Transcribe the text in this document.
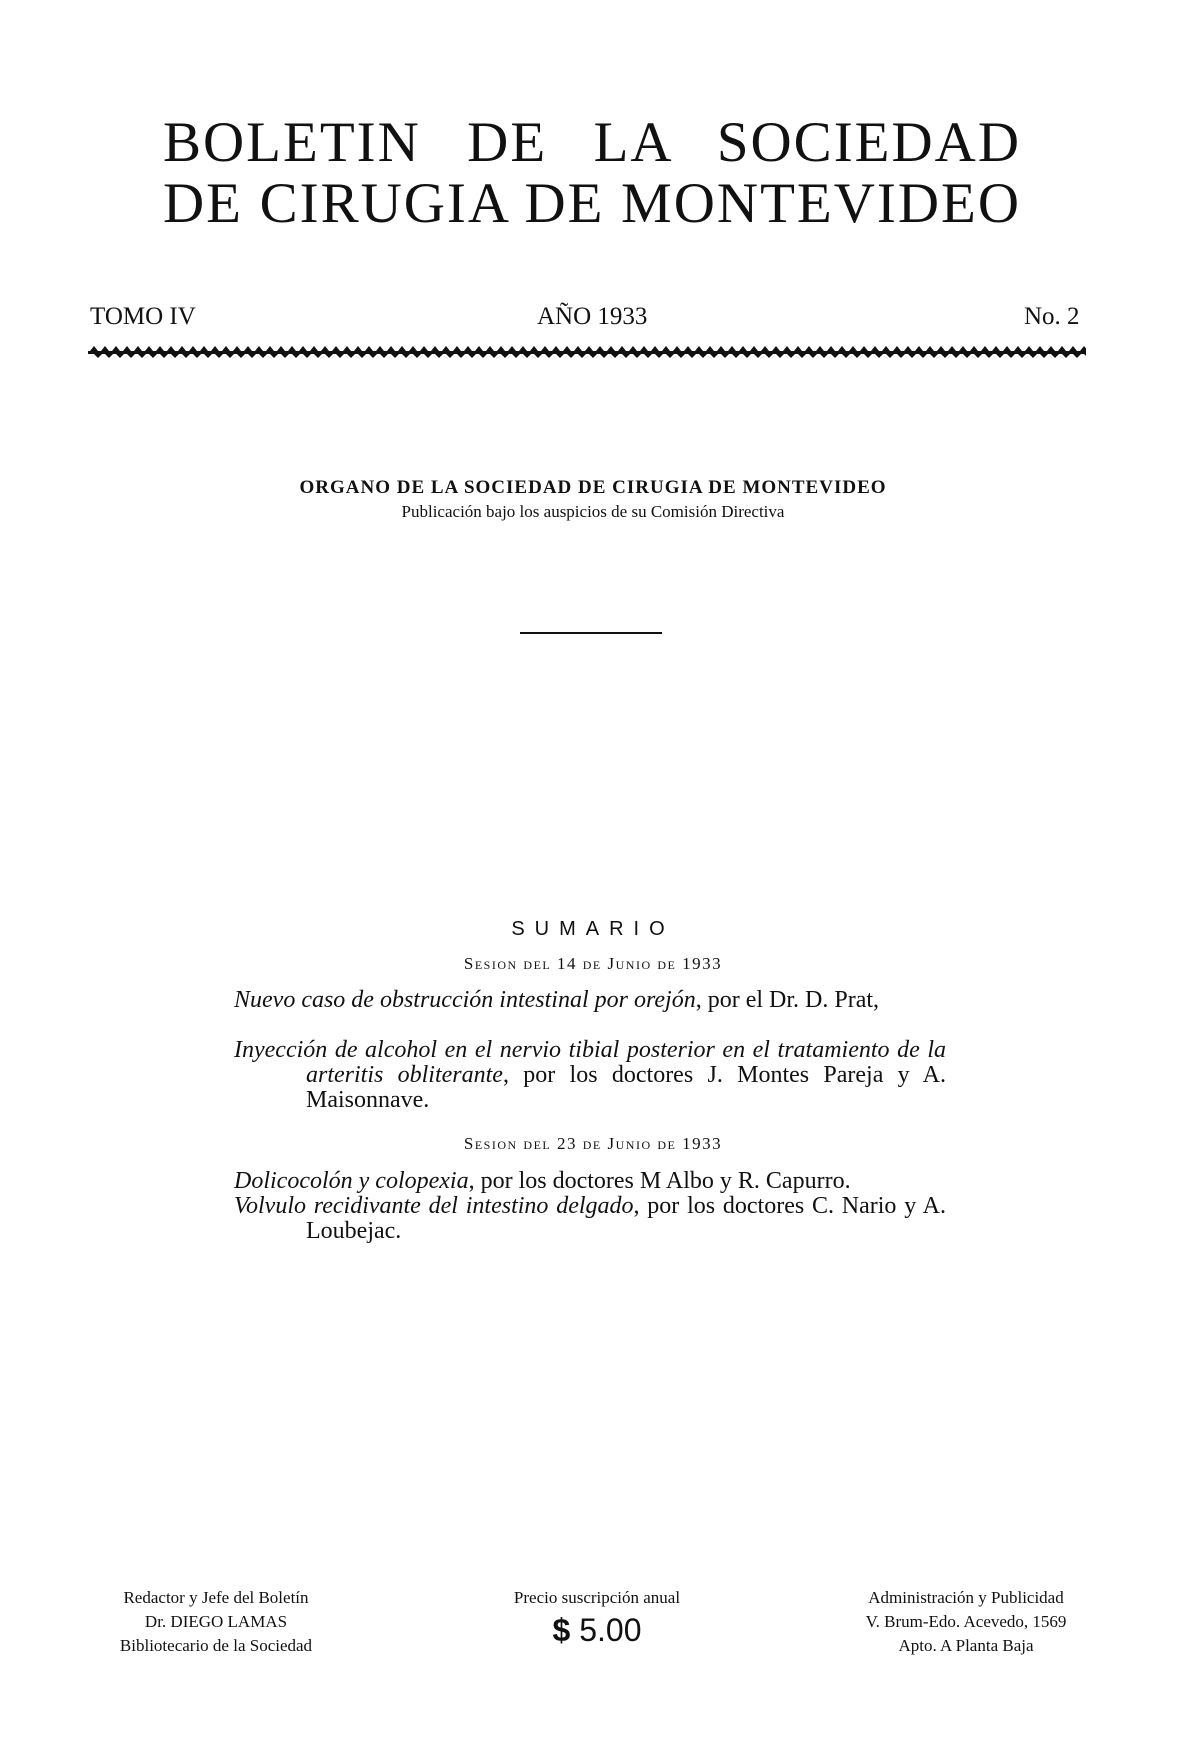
BOLETIN DE LA SOCIEDAD
DE CIRUGIA DE MONTEVIDEO
TOMO IV	AÑO 1933	No. 2
ORGANO DE LA SOCIEDAD DE CIRUGIA DE MONTEVIDEO
Publicación bajo los auspicios de su Comisión Directiva
SUMARIO
Sesion del 14 de Junio de 1933
Nuevo caso de obstrucción intestinal por orejón, por el Dr. D. Prat,
Inyección de alcohol en el nervio tibial posterior en el tratamiento de la arteritis obliterante, por los doctores J. Montes Pareja y A. Maisonnave.
Sesion del 23 de Junio de 1933
Dolicocolón y colopexia, por los doctores M Albo y R. Capurro.
Volvulo recidivante del intestino delgado, por los doctores C. Nario y A. Loubejac.
Redactor y Jefe del Boletín
Dr. DIEGO LAMAS
Bibliotecario de la Sociedad
Precio suscripción anual
$ 5.00
Administración y Publicidad
V. Brum-Edo. Acevedo, 1569
Apto. A Planta Baja
